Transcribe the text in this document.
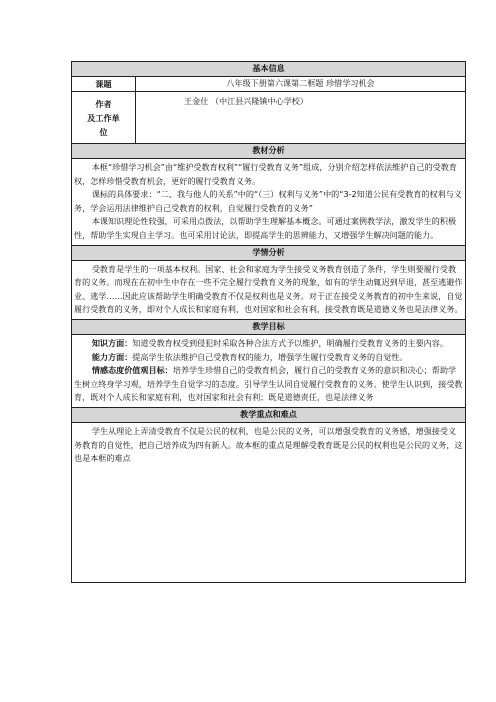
基本信息	
课题	八年级下册第六课第二框题 珍惜学习机会
作者
及工作单
位	王金仕 （中江县兴隆镇中心学校）
教材分析	

本框“珍惜学习机会”由“维护受教育权利”“履行受教育义务”组成，分别介绍怎样依法维护自己的受教育权，怎样珍惜受教育机会，更好的履行受教育义务。

课标的具体要求：“二、我与他人的关系”中的“（三）权利与义务”中的“3-2知道公民有受教育的权利与义务，学会运用法律维护自己受教育的权利，自觉履行受教育的义务”

本课知识理论性较强，可采用点拨法，以帮助学生理解基本概念。可通过案例教学法，激发学生的积极性，帮助学生实现自主学习。也可采用讨论法，即提高学生的思辨能力，又增强学生解决问题的能力。	

学情分析	

受教育是学生的一项基本权利。国家、社会和家庭为学生接受义务教育创造了条件，学生则要履行受教育的义务。而现在在初中生中存在一些不完全履行受教育义务的现象，如有的学生动辄迟到早退，甚至逃避作业、逃学……因此应该帮助学生明确受教育不仅是权利也是义务。对于正在接受义务教育的初中生来说，自觉履行受教育的义务，即对个人成长和家庭有利，也对国家和社会有利，接受教育既是道德义务也是法律义务。	

教学目标	

知识方面：知道受教育权受到侵犯时采取各种合法方式予以维护，明确履行受教育义务的主要内容。

能力方面：提高学生依法维护自己受教育权的能力，增强学生履行受教育义务的自觉性。

情感态度价值观目标：培养学生珍惜自己的受教育机会，履行自己的受教育义务的意识和决心；帮助学生树立终身学习观，培养学生自觉学习的态度。引导学生认同自觉履行受教育的义务。使学生认识到，接受教育，既对个人成长和家庭有利，也对国家和社会有利；既是道德责任，也是法律义务	

教学重点和难点	

学生从理论上弄清受教育不仅是公民的权利，也是公民的义务，可以增强受教育的义务感，增强接受义务教育的自觉性，把自己培养成为四有新人。故本框的重点是理解受教育既是公民的权利也是公民的义务，这也是本框的难点	
